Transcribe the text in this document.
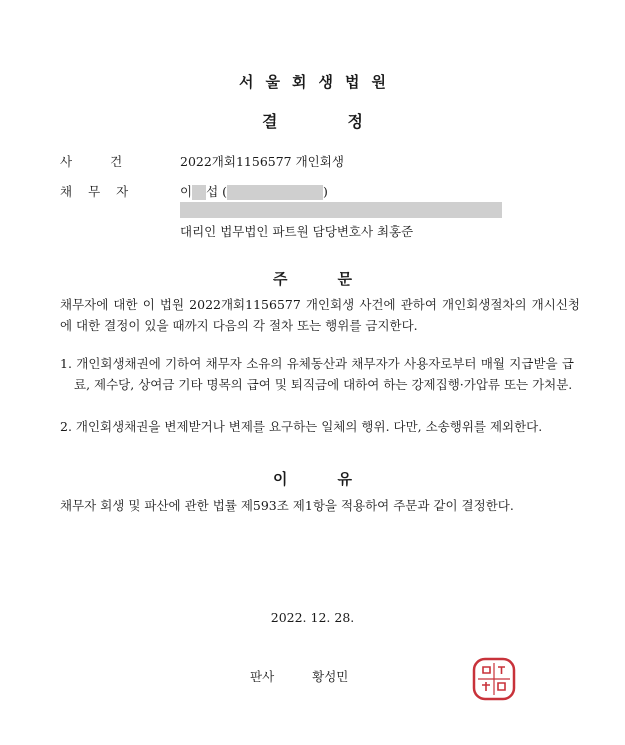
서울회생법원
결정
사건 2022개회1156577 개인회생
채무자	이 섭 (	)
대리인 법무법인 파트원 담당변호사 최홍준
주문

채무자에 대한 이 법원 2022개회1156577 개인회생 사건에 관하여 개인회생절차의 개시신청에 대한 결정이 있을 때까지 다음의 각 절차 또는 행위를 금지한다.

1. 개인회생채권에 기하여 채무자 소유의 유체동산과 채무자가 사용자로부터 매월 지급받을 급료, 제수당, 상여금 기타 명목의 급여 및 퇴직금에 대하여 하는 강제집행·가압류 또는 가처분.

2. 개인회생채권을 변제받거나 변제를 요구하는 일체의 행위. 다만, 소송행위를 제외한다.

이유

채무자 회생 및 파산에 관한 법률 제593조 제1항을 적용하여 주문과 같이 결정한다.

2022. 12. 28.
판사	황성민
